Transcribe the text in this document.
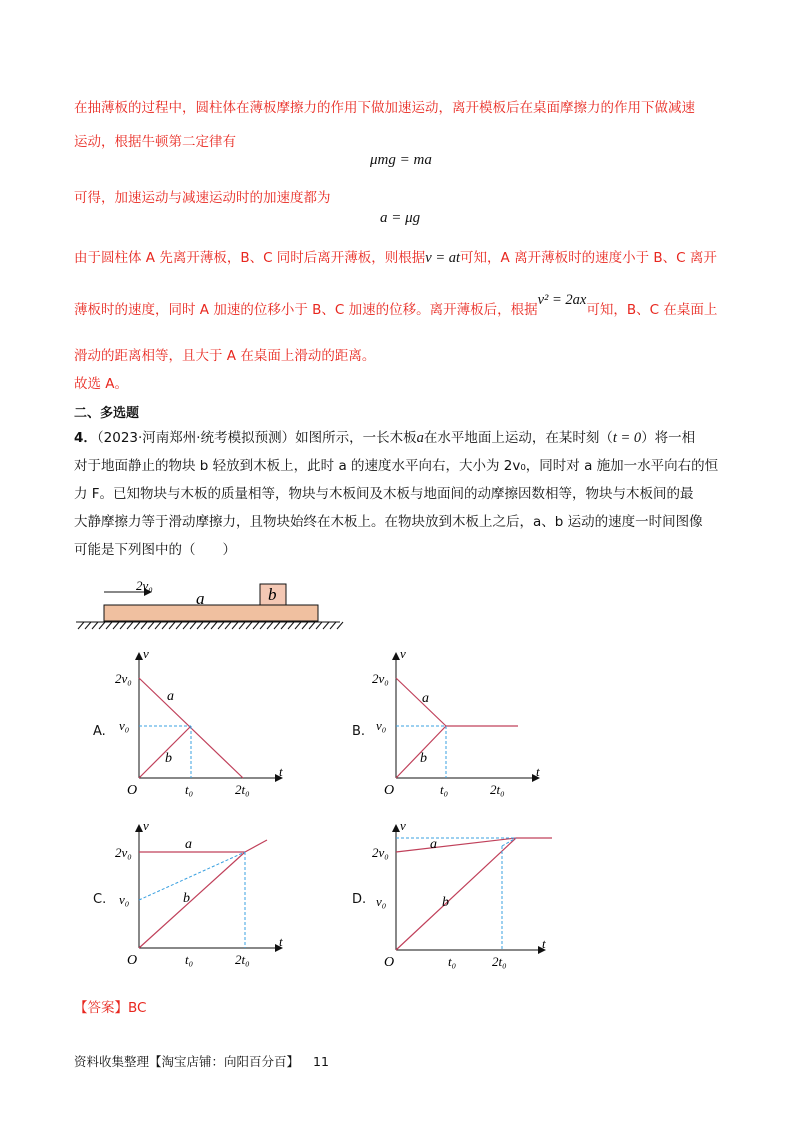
在抽薄板的过程中，圆柱体在薄板摩擦力的作用下做加速运动，离开模板后在桌面摩擦力的作用下做减速
运动，根据牛顿第二定律有
μmg = ma
可得，加速运动与减速运动时的加速度都为
a = μg
由于圆柱体 A 先离开薄板，B、C 同时后离开薄板，则根据v = at可知，A 离开薄板时的速度小于 B、C 离开
薄板时的速度，同时 A 加速的位移小于 B、C 加速的位移。离开薄板后，根据v² = 2ax可知，B、C 在桌面上
滑动的距离相等，且大于 A 在桌面上滑动的距离。
故选 A。
二、多选题
4．（2023·河南郑州·统考模拟预测）如图所示，一长木板a在水平地面上运动，在某时刻（t = 0）将一相
对于地面静止的物块 b 轻放到木板上，此时 a 的速度水平向右，大小为 2v₀，同时对 a 施加一水平向右的恒
力 F。已知物块与木板的质量相等，物块与木板间及木板与地面间的动摩擦因数相等，物块与木板间的最
大静摩擦力等于滑动摩擦力，且物块始终在木板上。在物块放到木板上之后，a、b 运动的速度一时间图像
可能是下列图中的（　　）
2v₀
a	b
A.
v
t
2v₀
v₀
a
b
O	t₀	2t₀
B.
v
t
2v₀
v₀
a
b
O	t₀	2t₀
C.
v
t
2v₀
v₀
a
b
O	t₀	2t₀
D.
v
t
2v₀
v₀
a
b
O	t₀	2t₀
【答案】BC
资料收集整理【淘宝店铺：向阳百分百】 11
